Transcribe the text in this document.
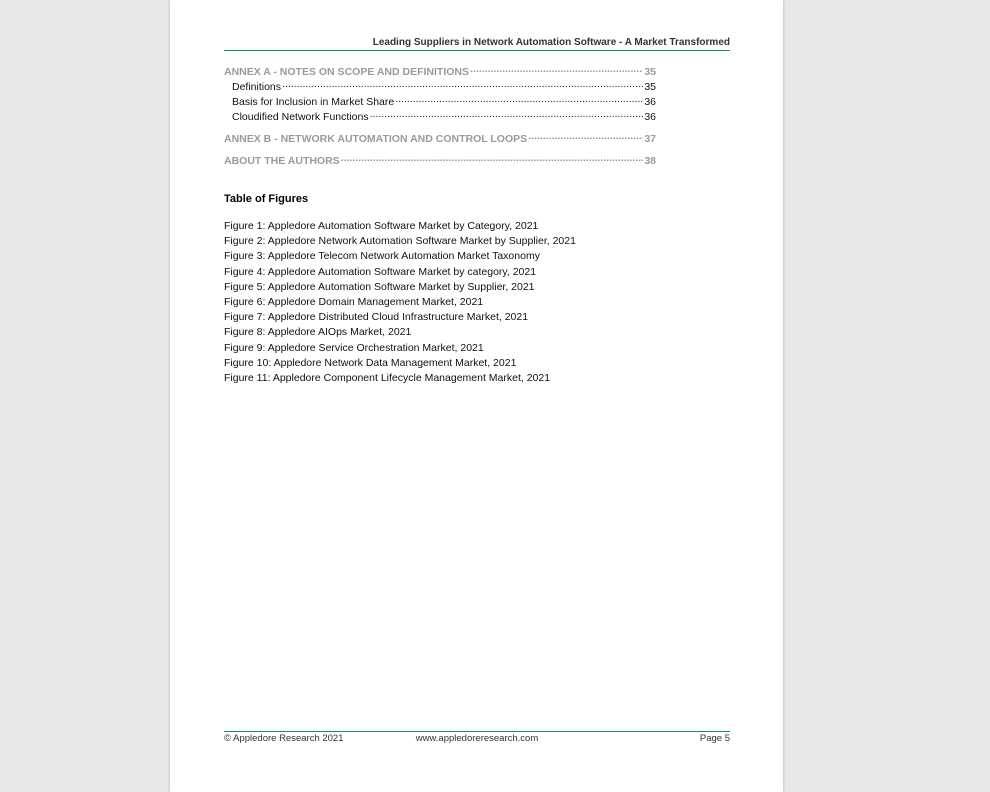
Leading Suppliers in Network Automation Software - A Market Transformed
ANNEX A - NOTES ON SCOPE AND DEFINITIONS .....	35
Definitions .....	35
Basis for Inclusion in Market Share .....	36
Cloudified Network Functions .....	36
ANNEX B - NETWORK AUTOMATION AND CONTROL LOOPS .....	37
ABOUT THE AUTHORS .....	38
Table of Figures
Figure 1: Appledore Automation Software Market by Category, 2021
Figure 2: Appledore Network Automation Software Market by Supplier, 2021
Figure 3: Appledore Telecom Network Automation Market Taxonomy
Figure 4: Appledore Automation Software Market by category, 2021
Figure 5: Appledore Automation Software Market by Supplier, 2021
Figure 6: Appledore Domain Management Market, 2021
Figure 7: Appledore Distributed Cloud Infrastructure Market, 2021
Figure 8: Appledore AIOps Market, 2021
Figure 9: Appledore Service Orchestration Market, 2021
Figure 10: Appledore Network Data Management Market, 2021
Figure 11: Appledore Component Lifecycle Management Market, 2021
© Appledore Research 2021	www.appledoreresearch.com	Page 5
